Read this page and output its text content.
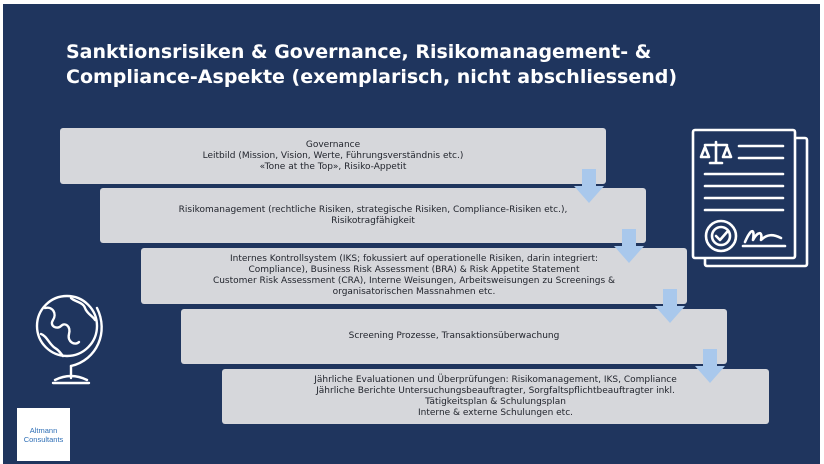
Sanktionsrisiken & Governance, Risikomanagement- &
Compliance-Aspekte (exemplarisch, nicht abschliessend)
Governance
Leitbild (Mission, Vision, Werte, Führungsverständnis etc.)
«Tone at the Top», Risiko-Appetit
Risikomanagement (rechtliche Risiken, strategische Risiken, Compliance-Risiken etc.),
Risikotragfähigkeit
Internes Kontrollsystem (IKS; fokussiert auf operationelle Risiken, darin integriert:
Compliance), Business Risk Assessment (BRA) & Risk Appetite Statement
Customer Risk Assessment (CRA), Interne Weisungen, Arbeitsweisungen zu Screenings &
organisatorischen Massnahmen etc.
Screening Prozesse, Transaktionsüberwachung
Jährliche Evaluationen und Überprüfungen: Risikomanagement, IKS, Compliance
Jährliche Berichte Untersuchungsbeauftragter, Sorgfaltspflichtbeauftragter inkl.
Tätigkeitsplan & Schulungsplan
Interne & externe Schulungen etc.
Altmann
Consultants
